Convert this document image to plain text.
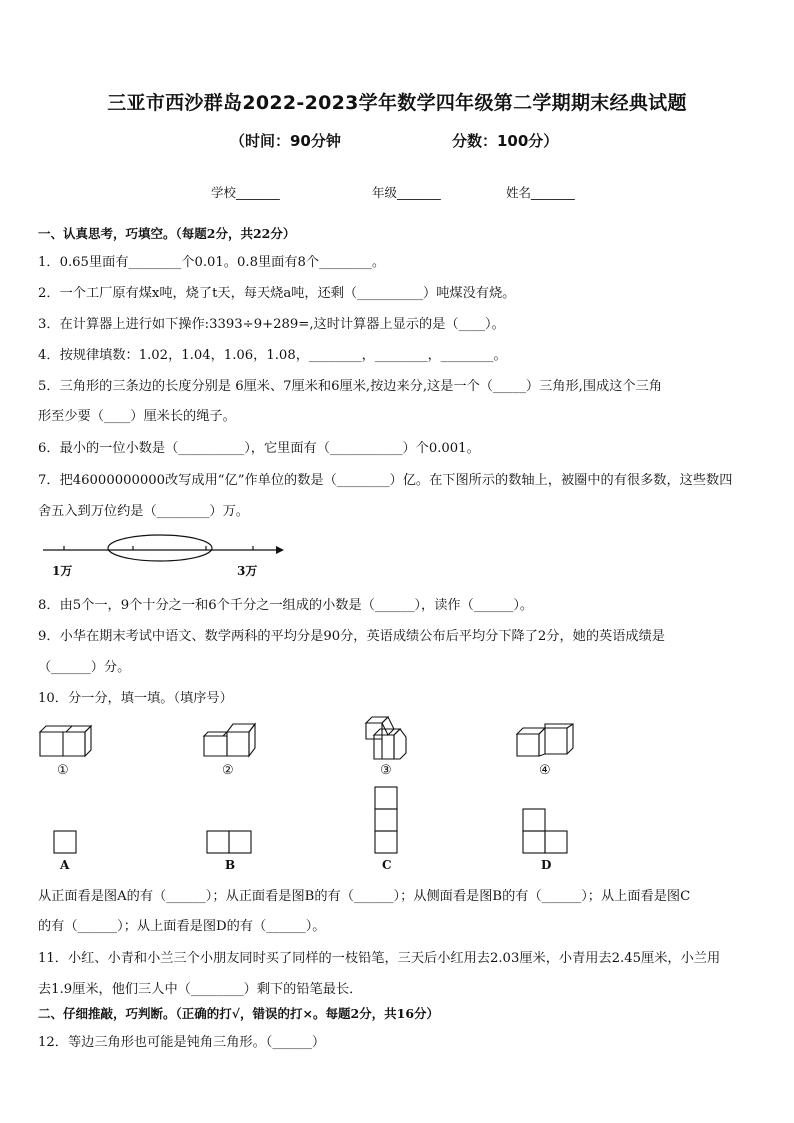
三亚市西沙群岛2022-2023学年数学四年级第二学期期末经典试题
（时间：90分钟	分数：100分）
学校_______	年级_______	姓名_______
一、认真思考，巧填空。（每题2分，共22分）
1．0.65里面有________个0.01。0.8里面有8个________。
2．一个工厂原有煤x吨，烧了t天，每天烧a吨，还剩（__________）吨煤没有烧。
3．在计算器上进行如下操作:3393÷9+289=,这时计算器上显示的是（____）。
4．按规律填数：1.02，1.04，1.06，1.08，________，________，________。
5．三角形的三条边的长度分别是 6厘米、7厘米和6厘米,按边来分,这是一个（_____）三角形,围成这个三角
形至少要（____）厘米长的绳子。
6．最小的一位小数是（__________），它里面有（___________）个0.001。
7．把46000000000改写成用“亿”作单位的数是（________）亿。在下图所示的数轴上，被圈中的有很多数，这些数四
舍五入到万位约是（________）万。
1万	3万
8．由5个一，9个十分之一和6个千分之一组成的小数是（______），读作（______）。
9．小华在期末考试中语文、数学两科的平均分是90分，英语成绩公布后平均分下降了2分，她的英语成绩是
（______）分。
10．分一分，填一填。（填序号）
①	②	③	④
A	B	C	D
从正面看是图A的有（______）；从正面看是图B的有（______）；从侧面看是图B的有（______）；从上面看是图C
的有（______）；从上面看是图D的有（______）。
11．小红、小青和小兰三个小朋友同时买了同样的一枝铅笔，三天后小红用去2.03厘米，小青用去2.45厘米，小兰用
去1.9厘米，他们三人中（________）剩下的铅笔最长．
二、仔细推敲，巧判断。（正确的打√，错误的打×。每题2分，共16分）
12．等边三角形也可能是钝角三角形。（______）
